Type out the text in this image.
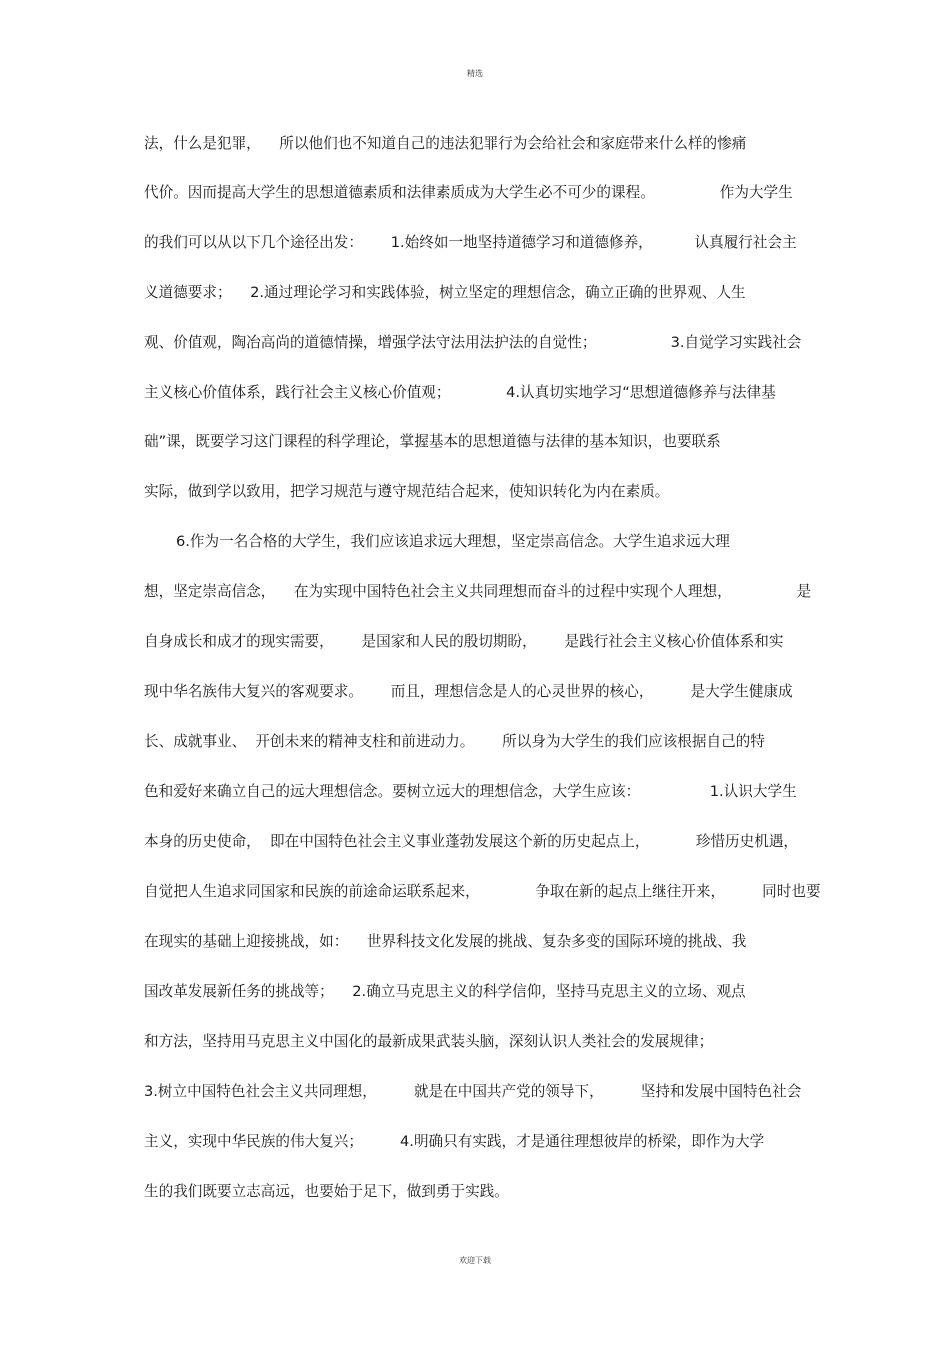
精选
法，什么是犯罪，    所以他们也不知道自己的违法犯罪行为会给社会和家庭带来什么样的惨痛
代价。因而提高大学生的思想道德素质和法律素质成为大学生必不可少的课程。              作为大学生
的我们可以从以下几个途径出发：      1.始终如一地坚持道德学习和道德修养，         认真履行社会主
义道德要求；    2.通过理论学习和实践体验，树立坚定的理想信念，确立正确的世界观、人生
观、价值观，陶冶高尚的道德情操，增强学法守法用法护法的自觉性；                3.自觉学习实践社会
主义核心价值体系，践行社会主义核心价值观；            4.认真切实地学习“思想道德修养与法律基
础”课，既要学习这门课程的科学理论，掌握基本的思想道德与法律的基本知识，也要联系
实际，做到学以致用，把学习规范与遵守规范结合起来，使知识转化为内在素质。
6.作为一名合格的大学生，我们应该追求远大理想，坚定崇高信念。大学生追求远大理
想，坚定崇高信念，    在为实现中国特色社会主义共同理想而奋斗的过程中实现个人理想，              是
自身成长和成才的现实需要，      是国家和人民的殷切期盼，      是践行社会主义核心价值体系和实
现中华名族伟大复兴的客观要求。      而且，理想信念是人的心灵世界的核心，        是大学生健康成
长、成就事业、  开创未来的精神支柱和前进动力。      所以身为大学生的我们应该根据自己的特
色和爱好来确立自己的远大理想信念。要树立远大的理想信念，大学生应该：               1.认识大学生
本身的历史使命，  即在中国特色社会主义事业蓬勃发展这个新的历史起点上，          珍惜历史机遇，
自觉把人生追求同国家和民族的前途命运联系起来，            争取在新的起点上继往开来，        同时也要
在现实的基础上迎接挑战，如：    世界科技文化发展的挑战、复杂多变的国际环境的挑战、我
国改革发展新任务的挑战等；    2.确立马克思主义的科学信仰，坚持马克思主义的立场、观点
和方法，坚持用马克思主义中国化的最新成果武装头脑，深刻认识人类社会的发展规律；
3.树立中国特色社会主义共同理想，        就是在中国共产党的领导下，        坚持和发展中国特色社会
主义，实现中华民族的伟大复兴；        4.明确只有实践，才是通往理想彼岸的桥梁，即作为大学
生的我们既要立志高远，也要始于足下，做到勇于实践。
欢迎下载
